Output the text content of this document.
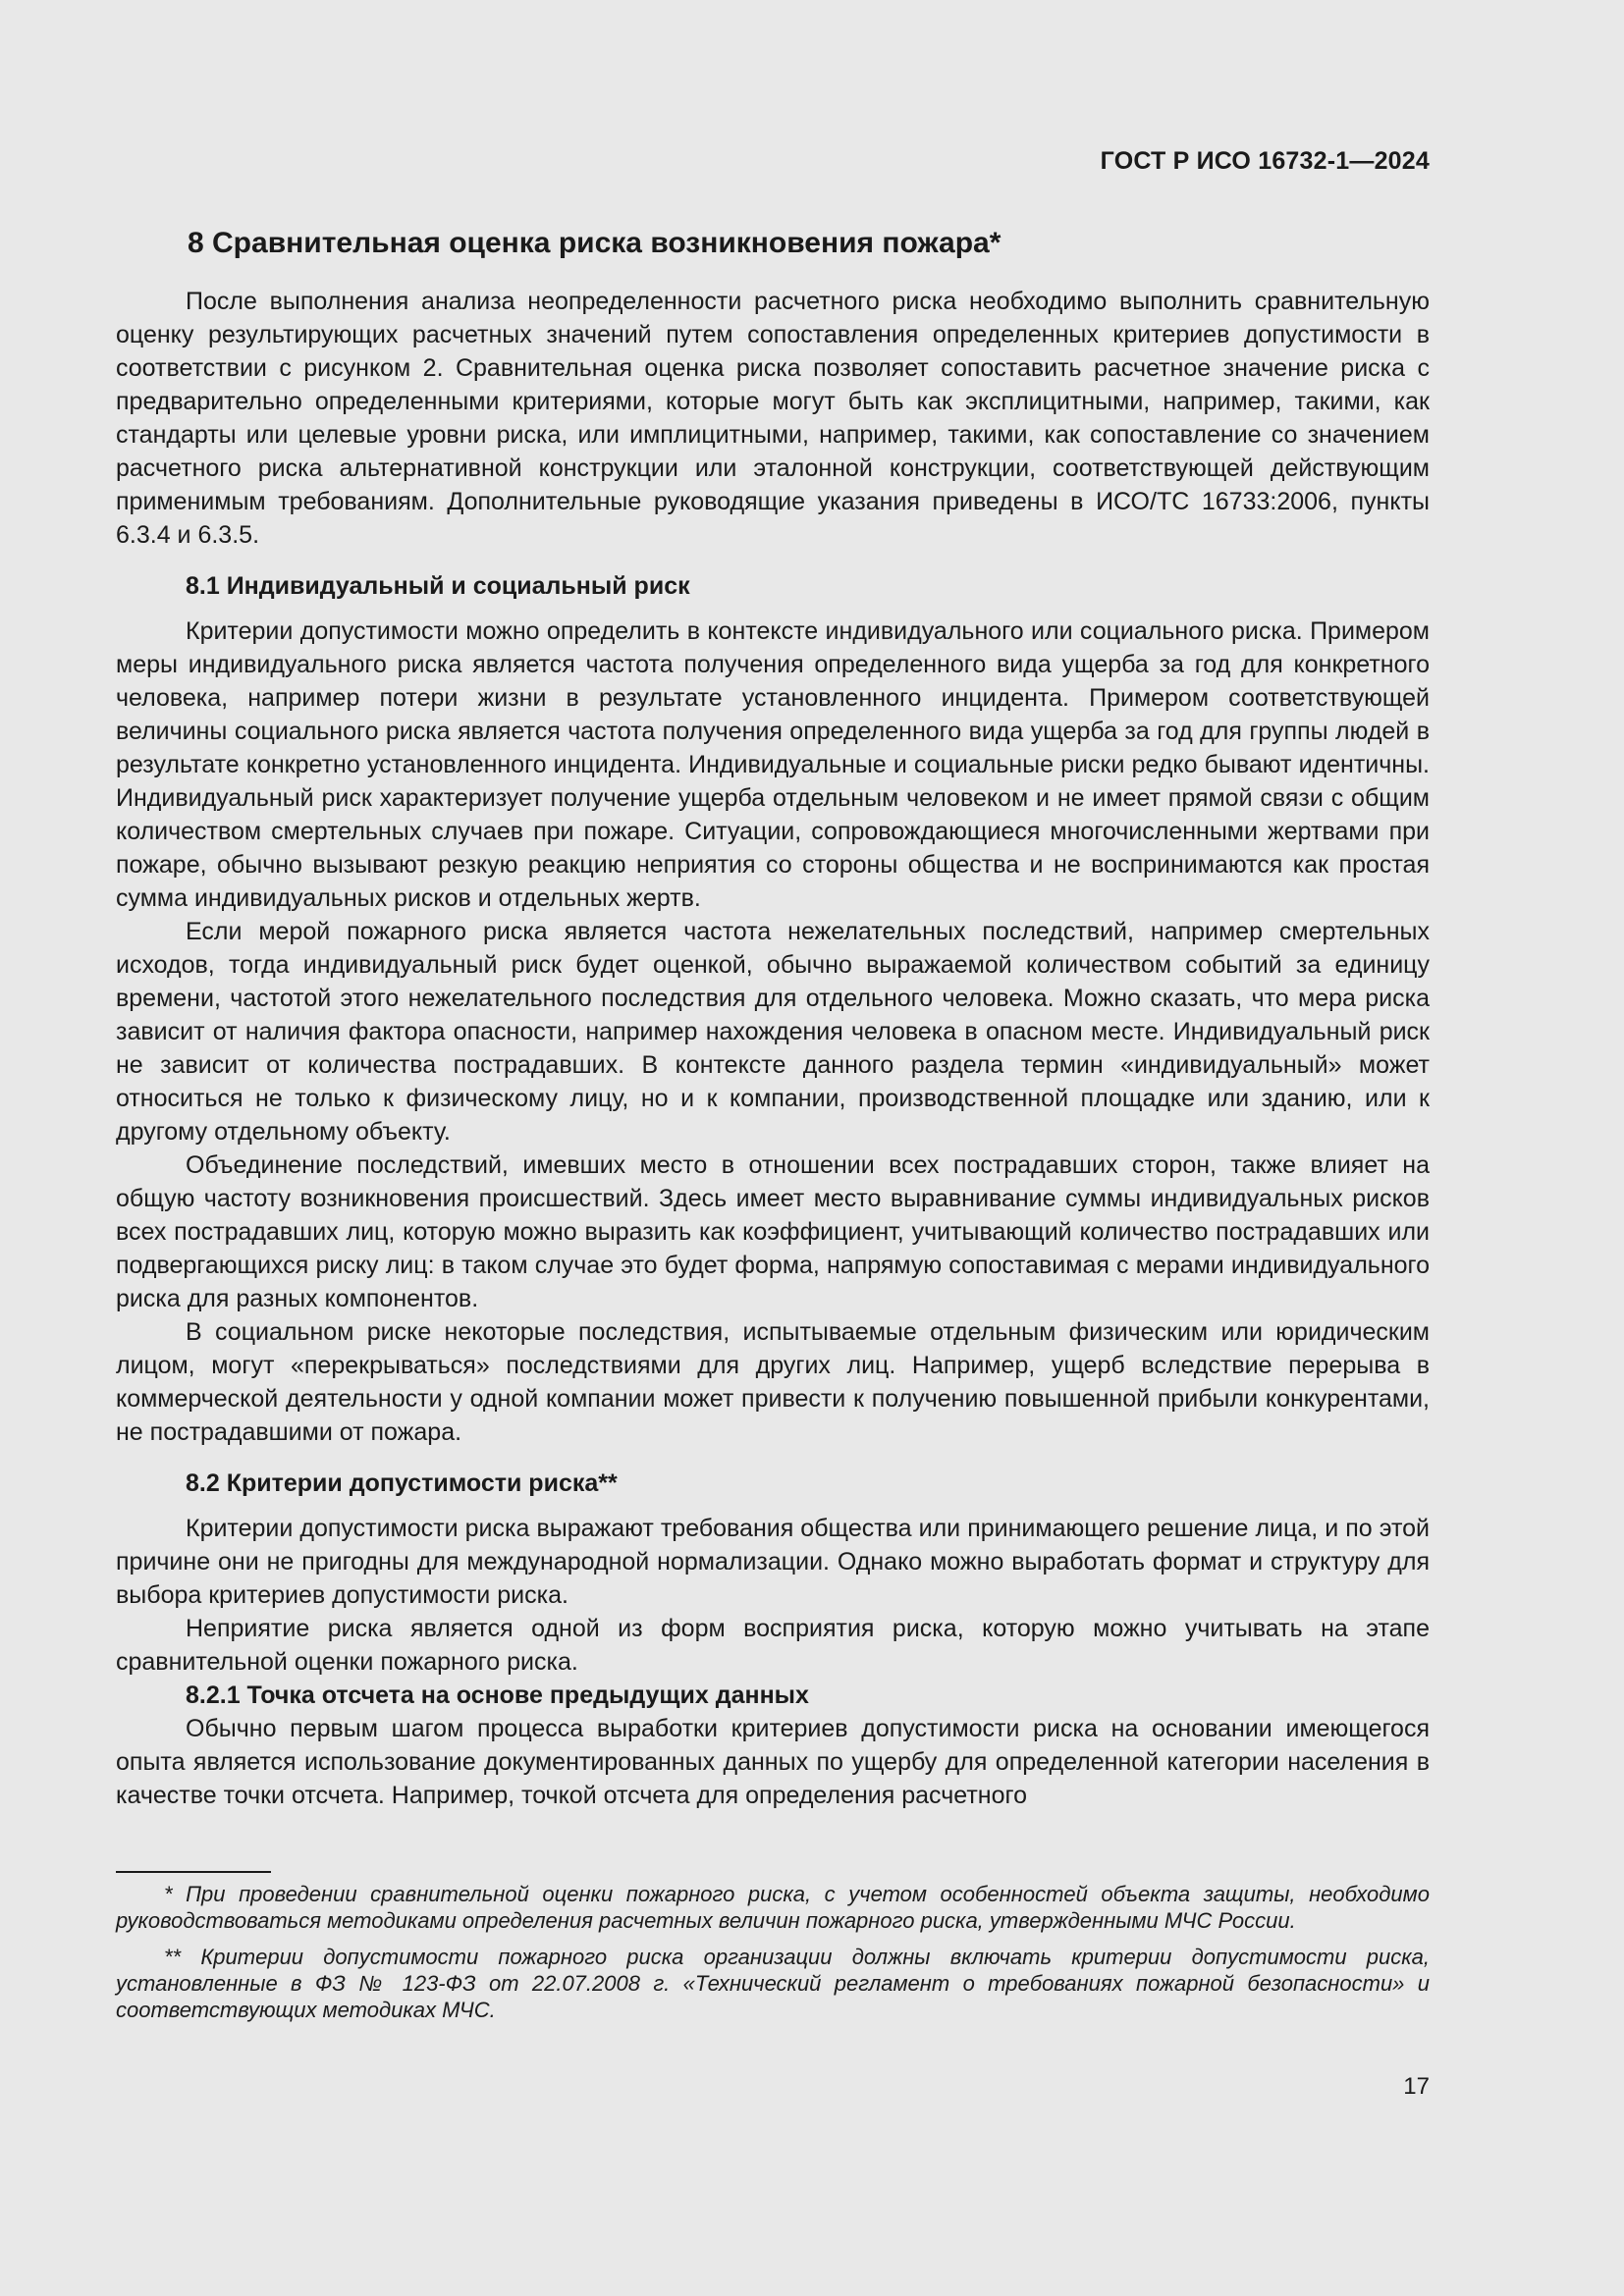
ГОСТ Р ИСО 16732-1—2024
8 Сравнительная оценка риска возникновения пожара*

После выполнения анализа неопределенности расчетного риска необходимо выполнить сравнительную оценку результирующих расчетных значений путем сопоставления определенных критериев допустимости в соответствии с рисунком 2. Сравнительная оценка риска позволяет сопоставить расчетное значение риска с предварительно определенными критериями, которые могут быть как эксплицитными, например, такими, как стандарты или целевые уровни риска, или имплицитными, например, такими, как сопоставление со значением расчетного риска альтернативной конструкции или эталонной конструкции, соответствующей действующим применимым требованиям. Дополнительные руководящие указания приведены в ИСО/ТС 16733:2006, пункты 6.3.4 и 6.3.5.

8.1 Индивидуальный и социальный риск

Критерии допустимости можно определить в контексте индивидуального или социального риска. Примером меры индивидуального риска является частота получения определенного вида ущерба за год для конкретного человека, например потери жизни в результате установленного инцидента. Примером соответствующей величины социального риска является частота получения определенного вида ущерба за год для группы людей в результате конкретно установленного инцидента. Индивидуальные и социальные риски редко бывают идентичны. Индивидуальный риск характеризует получение ущерба отдельным человеком и не имеет прямой связи с общим количеством смертельных случаев при пожаре. Ситуации, сопровождающиеся многочисленными жертвами при пожаре, обычно вызывают резкую реакцию неприятия со стороны общества и не воспринимаются как простая сумма индивидуальных рисков и отдельных жертв.

Если мерой пожарного риска является частота нежелательных последствий, например смертельных исходов, тогда индивидуальный риск будет оценкой, обычно выражаемой количеством событий за единицу времени, частотой этого нежелательного последствия для отдельного человека. Можно сказать, что мера риска зависит от наличия фактора опасности, например нахождения человека в опасном месте. Индивидуальный риск не зависит от количества пострадавших. В контексте данного раздела термин «индивидуальный» может относиться не только к физическому лицу, но и к компании, производственной площадке или зданию, или к другому отдельному объекту.

Объединение последствий, имевших место в отношении всех пострадавших сторон, также влияет на общую частоту возникновения происшествий. Здесь имеет место выравнивание суммы индивидуальных рисков всех пострадавших лиц, которую можно выразить как коэффициент, учитывающий количество пострадавших или подвергающихся риску лиц: в таком случае это будет форма, напрямую сопоставимая с мерами индивидуального риска для разных компонентов.

В социальном риске некоторые последствия, испытываемые отдельным физическим или юридическим лицом, могут «перекрываться» последствиями для других лиц. Например, ущерб вследствие перерыва в коммерческой деятельности у одной компании может привести к получению повышенной прибыли конкурентами, не пострадавшими от пожара.

8.2 Критерии допустимости риска**

Критерии допустимости риска выражают требования общества или принимающего решение лица, и по этой причине они не пригодны для международной нормализации. Однако можно выработать формат и структуру для выбора критериев допустимости риска.

Неприятие риска является одной из форм восприятия риска, которую можно учитывать на этапе сравнительной оценки пожарного риска.

8.2.1 Точка отсчета на основе предыдущих данных

Обычно первым шагом процесса выработки критериев допустимости риска на основании имеющегося опыта является использование документированных данных по ущербу для определенной категории населения в качестве точки отсчета. Например, точкой отсчета для определения расчетного

* При проведении сравнительной оценки пожарного риска, с учетом особенностей объекта защиты, необходимо руководствоваться методиками определения расчетных величин пожарного риска, утвержденными МЧС России.

** Критерии допустимости пожарного риска организации должны включать критерии допустимости риска, установленные в ФЗ № 123-ФЗ от 22.07.2008 г. «Технический регламент о требованиях пожарной безопасности» и соответствующих методиках МЧС.

17
